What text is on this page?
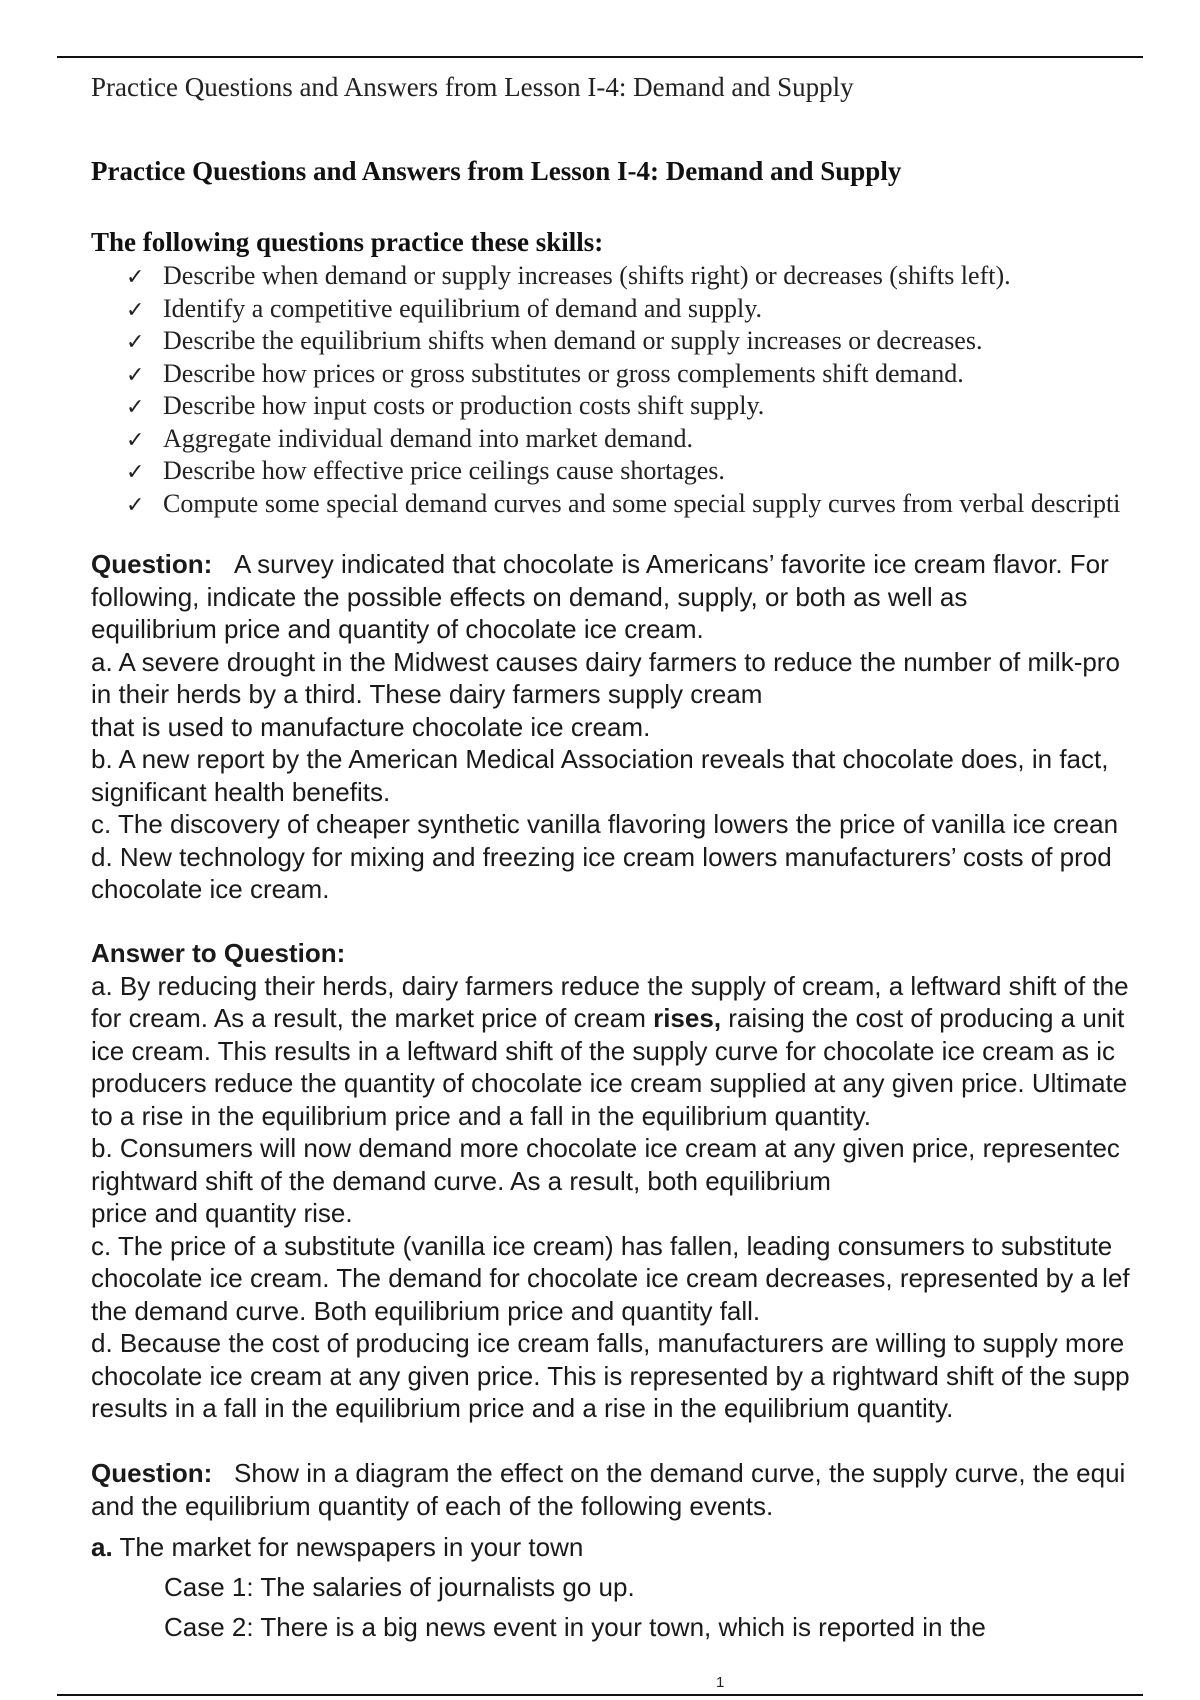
Practice Questions and Answers from Lesson I-4: Demand and Supply
Practice Questions and Answers from Lesson I-4: Demand and Supply
The following questions practice these skills:
✓ Describe when demand or supply increases (shifts right) or decreases (shifts left).
✓ Identify a competitive equilibrium of demand and supply.
✓ Describe the equilibrium shifts when demand or supply increases or decreases.
✓ Describe how prices or gross substitutes or gross complements shift demand.
✓ Describe how input costs or production costs shift supply.
✓ Aggregate individual demand into market demand.
✓ Describe how effective price ceilings cause shortages.
✓ Compute some special demand curves and some special supply curves from verbal descripti
Question: A survey indicated that chocolate is Americans’ favorite ice cream flavor. For
following, indicate the possible effects on demand, supply, or both as well as
equilibrium price and quantity of chocolate ice cream.
a. A severe drought in the Midwest causes dairy farmers to reduce the number of milk-pro
in their herds by a third. These dairy farmers supply cream
that is used to manufacture chocolate ice cream.
b. A new report by the American Medical Association reveals that chocolate does, in fact,
significant health benefits.
c. The discovery of cheaper synthetic vanilla flavoring lowers the price of vanilla ice crean
d. New technology for mixing and freezing ice cream lowers manufacturers’ costs of prod
chocolate ice cream.
Answer to Question:
a. By reducing their herds, dairy farmers reduce the supply of cream, a leftward shift of the
for cream. As a result, the market price of cream rises, raising the cost of producing a unit
ice cream. This results in a leftward shift of the supply curve for chocolate ice cream as ic
producers reduce the quantity of chocolate ice cream supplied at any given price. Ultimate
to a rise in the equilibrium price and a fall in the equilibrium quantity.
b. Consumers will now demand more chocolate ice cream at any given price, representec
rightward shift of the demand curve. As a result, both equilibrium
price and quantity rise.
c. The price of a substitute (vanilla ice cream) has fallen, leading consumers to substitute
chocolate ice cream. The demand for chocolate ice cream decreases, represented by a lef
the demand curve. Both equilibrium price and quantity fall.
d. Because the cost of producing ice cream falls, manufacturers are willing to supply more
chocolate ice cream at any given price. This is represented by a rightward shift of the supp
results in a fall in the equilibrium price and a rise in the equilibrium quantity.
Question: Show in a diagram the effect on the demand curve, the supply curve, the equi
and the equilibrium quantity of each of the following events.
a. The market for newspapers in your town
Case 1: The salaries of journalists go up.
Case 2: There is a big news event in your town, which is reported in the
1
